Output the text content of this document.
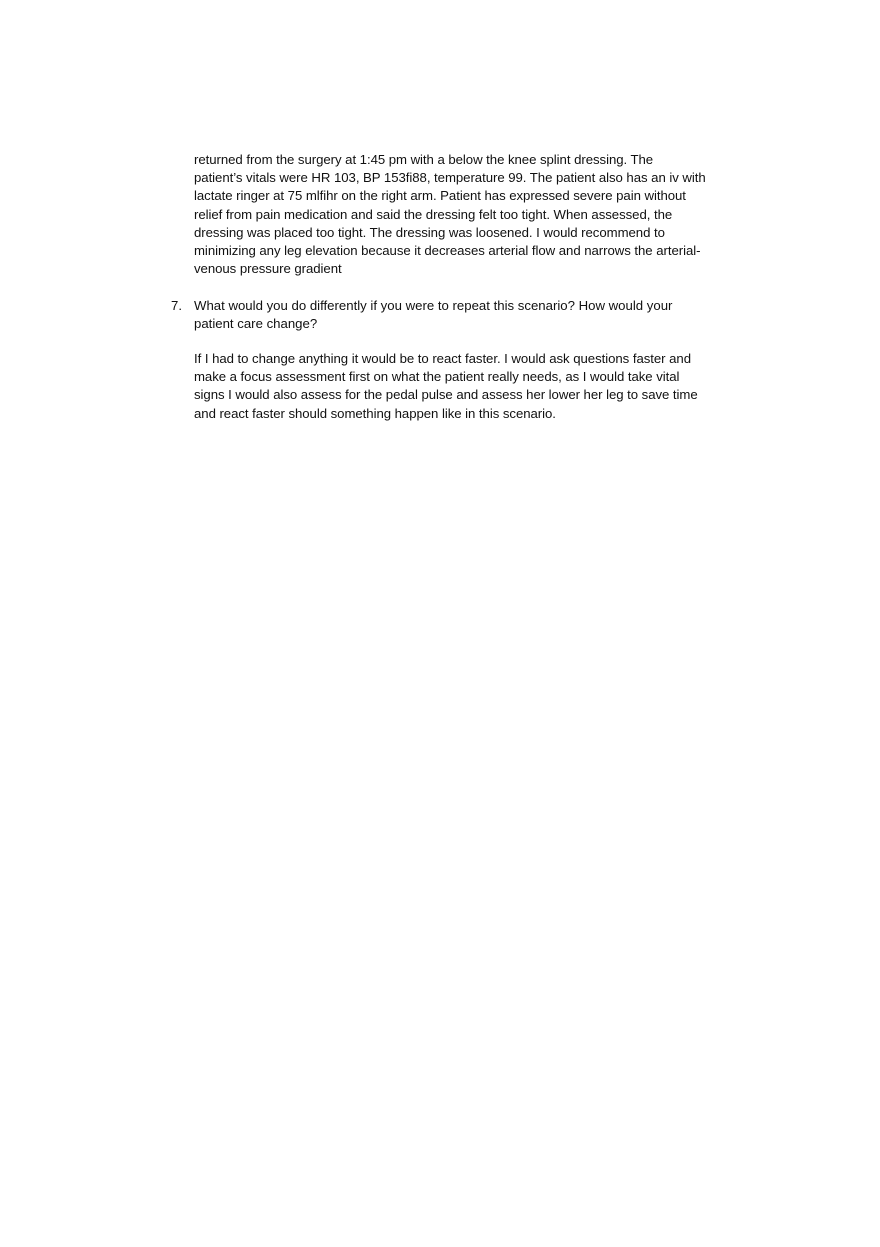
returned from the surgery at 1:45 pm with a below the knee splint dressing. The
patient’s vitals were HR 103, BP 153fi88, temperature 99. The patient also has an iv with
lactate ringer at 75 mlfihr on the right arm. Patient has expressed severe pain without
relief from pain medication and said the dressing felt too tight. When assessed, the
dressing was placed too tight. The dressing was loosened. I would recommend to
minimizing any leg elevation because it decreases arterial flow and narrows the arterial-
venous pressure gradient
7. What would you do differently if you were to repeat this scenario? How would your
patient care change?
If I had to change anything it would be to react faster. I would ask questions faster and
make a focus assessment first on what the patient really needs, as I would take vital
signs I would also assess for the pedal pulse and assess her lower her leg to save time
and react faster should something happen like in this scenario.
